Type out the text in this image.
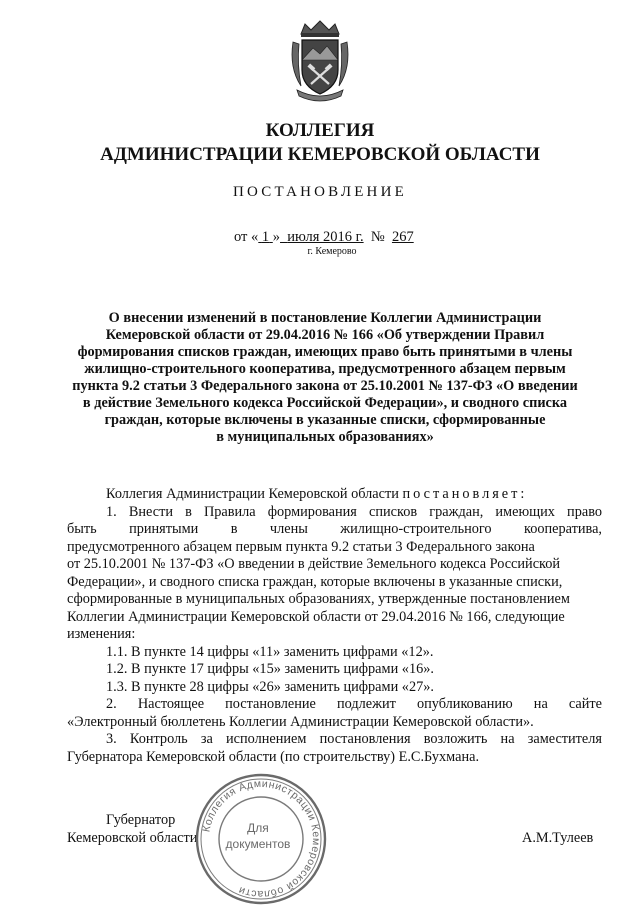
КОЛЛЕГИЯ
АДМИНИСТРАЦИИ КЕМЕРОВСКОЙ ОБЛАСТИ
ПОСТАНОВЛЕНИЕ
от « 1 » июля 2016 г. № 267
г. Кемерово
О внесении изменений в постановление Коллегии Администрации
Кемеровской области от 29.04.2016 № 166 «Об утверждении Правил
формирования списков граждан, имеющих право быть принятыми в члены
жилищно-строительного кооператива, предусмотренного абзацем первым
пункта 9.2 статьи 3 Федерального закона от 25.10.2001 № 137-ФЗ «О введении
в действие Земельного кодекса Российской Федерации», и сводного списка
граждан, которые включены в указанные списки, сформированные
в муниципальных образованиях»
Коллегия Администрации Кемеровской области постановляет:
1. Внести в Правила формирования списков граждан, имеющих право
быть принятыми в члены жилищно-строительного кооператива,
предусмотренного абзацем первым пункта 9.2 статьи 3 Федерального закона
от 25.10.2001 № 137-ФЗ «О введении в действие Земельного кодекса Российской
Федерации», и сводного списка граждан, которые включены в указанные списки,
сформированные в муниципальных образованиях, утвержденные постановлением
Коллегии Администрации Кемеровской области от 29.04.2016 № 166, следующие
изменения:
1.1. В пункте 14 цифры «11» заменить цифрами «12».
1.2. В пункте 17 цифры «15» заменить цифрами «16».
1.3. В пункте 28 цифры «26» заменить цифрами «27».
2. Настоящее постановление подлежит опубликованию на сайте
«Электронный бюллетень Коллегии Администрации Кемеровской области».
3. Контроль за исполнением постановления возложить на заместителя
Губернатора Кемеровской области (по строительству) Е.С.Бухмана.
Губернатор
Кемеровской области	А.М.Тулеев
Коллегия Администрации Кемеровской области
Для
документов
